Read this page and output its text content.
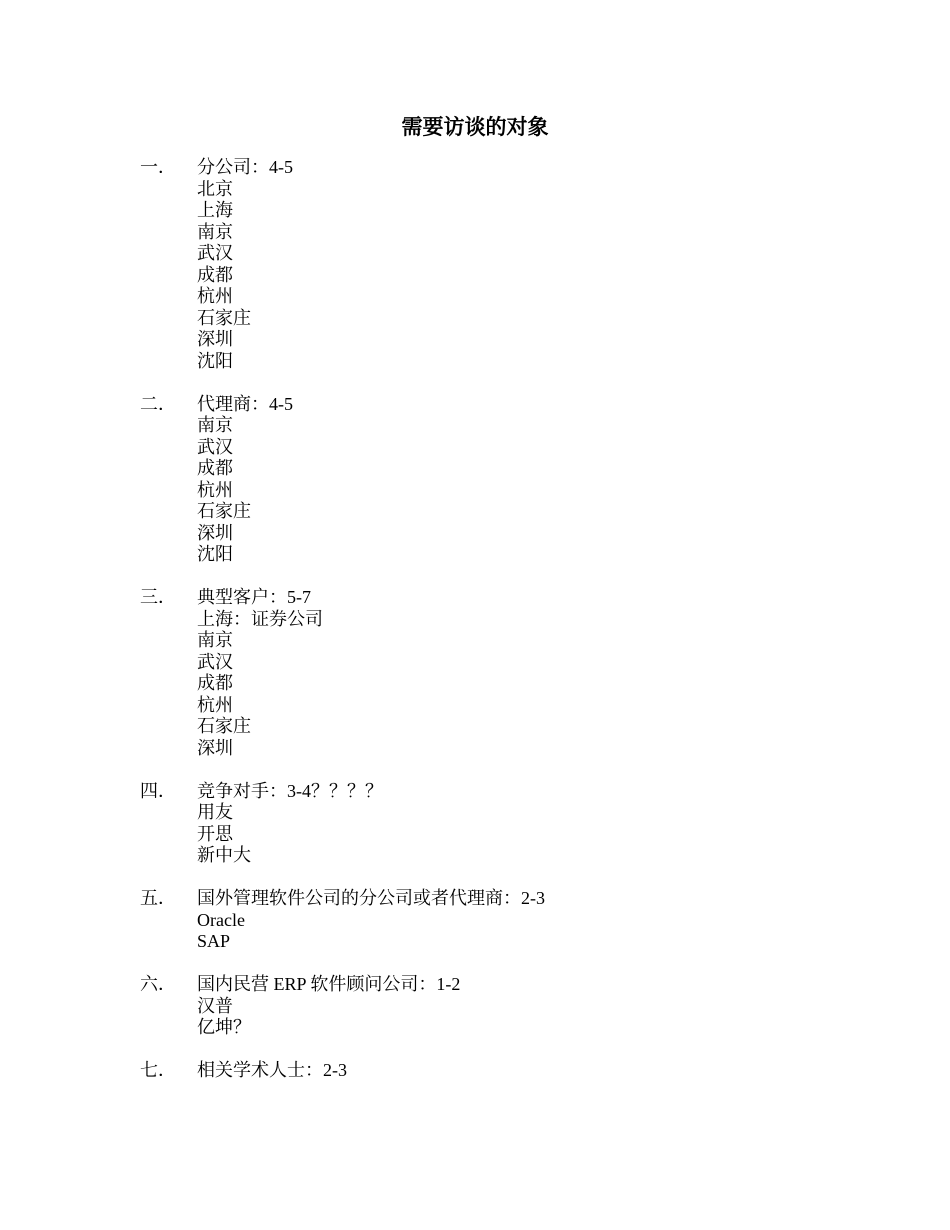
需要访谈的对象
一． 分公司：4-5
北京
上海
南京
武汉
成都
杭州
石家庄
深圳
沈阳
二． 代理商：4-5
南京
武汉
成都
杭州
石家庄
深圳
沈阳
三． 典型客户：5-7
上海：证券公司
南京
武汉
成都
杭州
石家庄
深圳
四． 竞争对手：3-4？？？？
用友
开思
新中大
五． 国外管理软件公司的分公司或者代理商：2-3
Oracle
SAP
六． 国内民营 ERP 软件顾问公司：1-2
汉普
亿坤？
七． 相关学术人士：2-3
